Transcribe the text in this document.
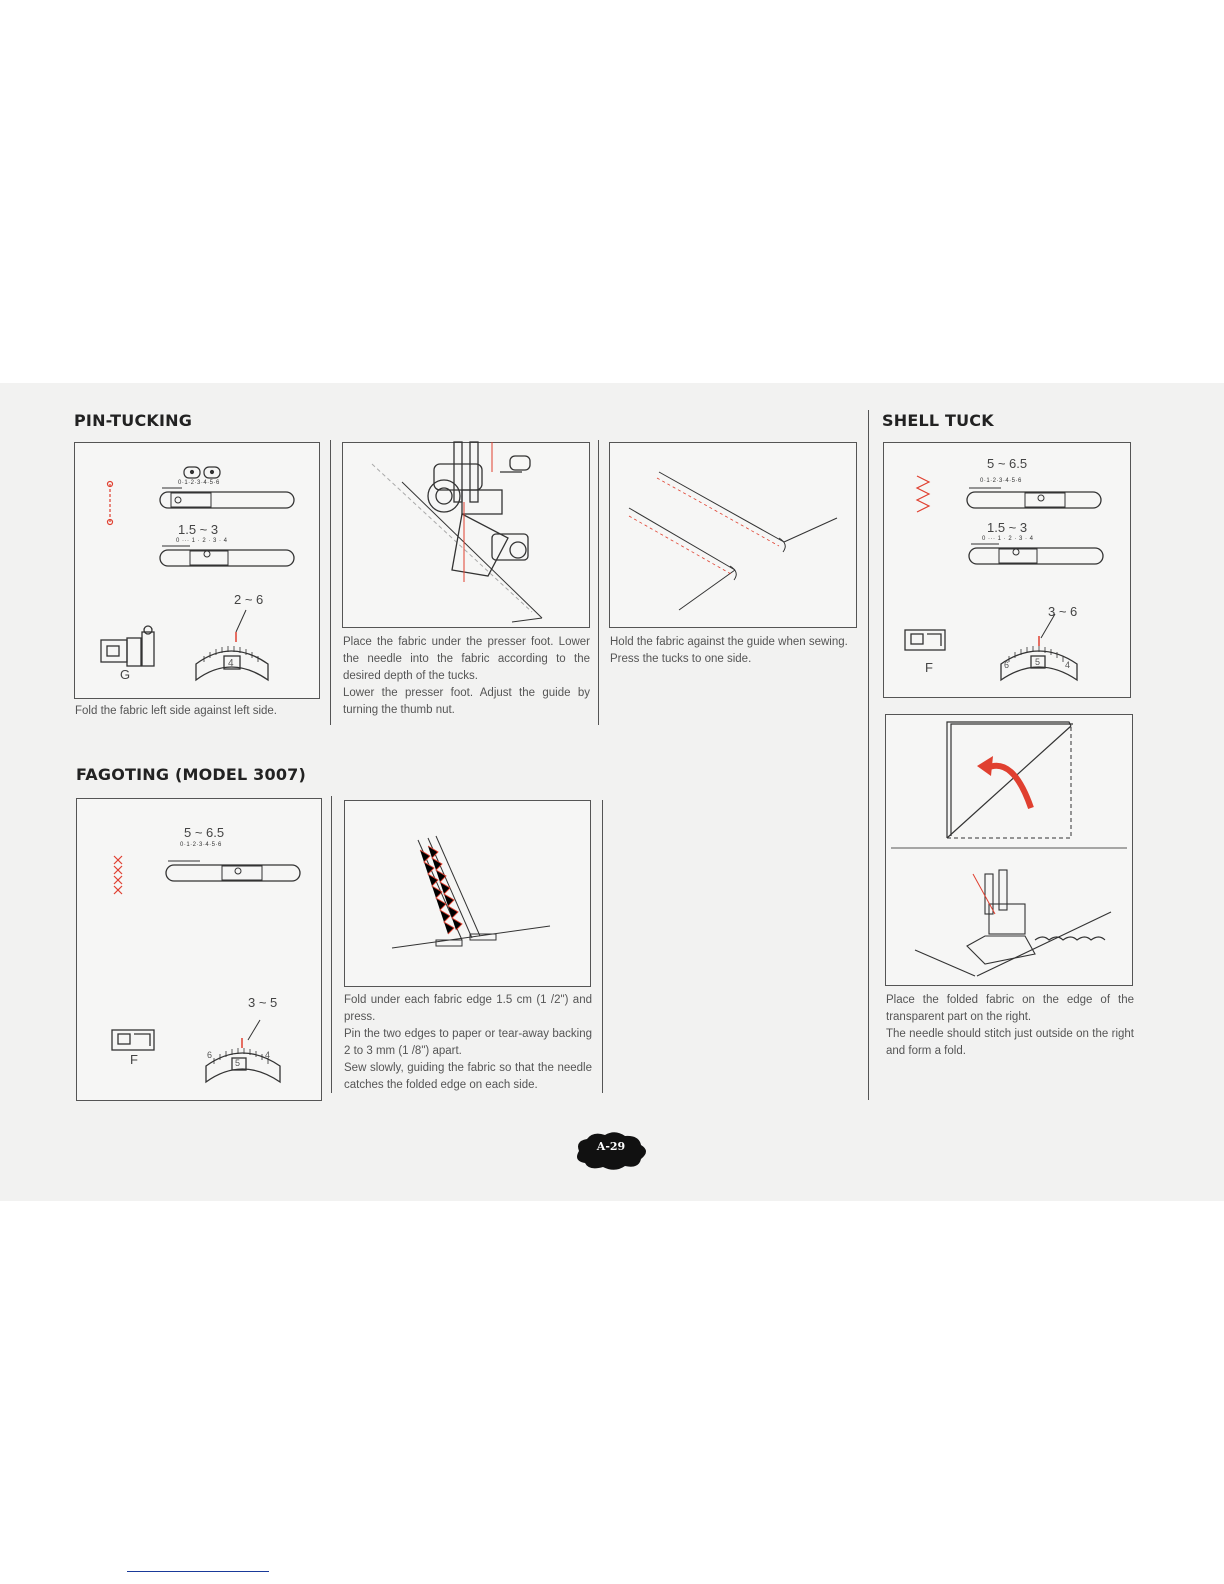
PIN-TUCKING
1.5 ~ 3
0·1·2·3·4·5·6
0 ··· 1 · 2 · 3 · 4
2 ~ 6
4
G

Fold the fabric left side against left side.

Place the fabric under the presser foot. Lower the needle into the fabric according to the desired depth of the tucks.

Lower the presser foot. Adjust the guide by turning the thumb nut.

Hold the fabric against the guide when sewing.

Press the tucks to one side.

FAGOTING (MODEL 3007)
5 ~ 6.5
0·1·2·3·4·5·6
3 ~ 5
6
5
4
F

Fold under each fabric edge 1.5 cm (1 /2") and press.

Pin the two edges to paper or tear-away backing 2 to 3 mm (1 /8") apart.

Sew slowly, guiding the fabric so that the needle catches the folded edge on each side.

SHELL TUCK
5 ~ 6.5
0·1·2·3·4·5·6
1.5 ~ 3
0 ··· 1 · 2 · 3 · 4
3 ~ 6
6	5	4
F

Place the folded fabric on the edge of the transparent part on the right.

The needle should stitch just outside on the right and form a fold.

A-29
